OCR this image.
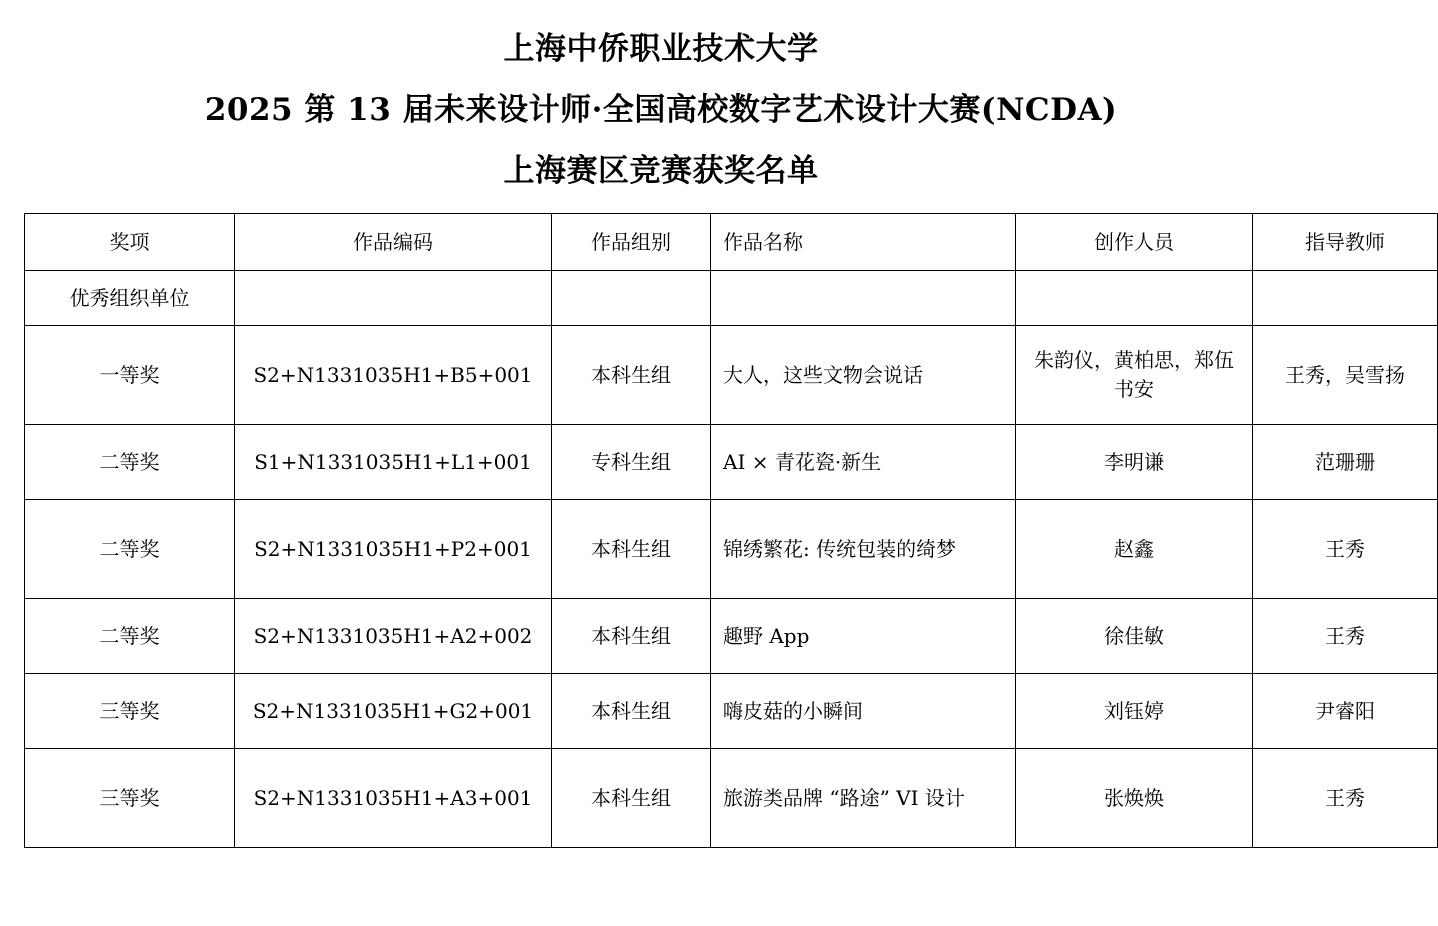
上海中侨职业技术大学
2025 第 13 届未来设计师·全国高校数字艺术设计大赛(NCDA)
上海赛区竞赛获奖名单
奖项	作品编码	作品组别	作品名称	创作人员	指导教师
优秀组织单位					
一等奖	S2+N1331035H1+B5+001	本科生组	大人，这些文物会说话	朱韵仪，黄柏思，郑伍书安	王秀，吴雪扬
二等奖	S1+N1331035H1+L1+001	专科生组	AI × 青花瓷·新生	李明谦	范珊珊
二等奖	S2+N1331035H1+P2+001	本科生组	锦绣繁花: 传统包装的绮梦	赵鑫	王秀
二等奖	S2+N1331035H1+A2+002	本科生组	趣野 App	徐佳敏	王秀
三等奖	S2+N1331035H1+G2+001	本科生组	嗨皮菇的小瞬间	刘钰婷	尹睿阳
三等奖	S2+N1331035H1+A3+001	本科生组	旅游类品牌 “路途” VI 设计	张焕焕	王秀
